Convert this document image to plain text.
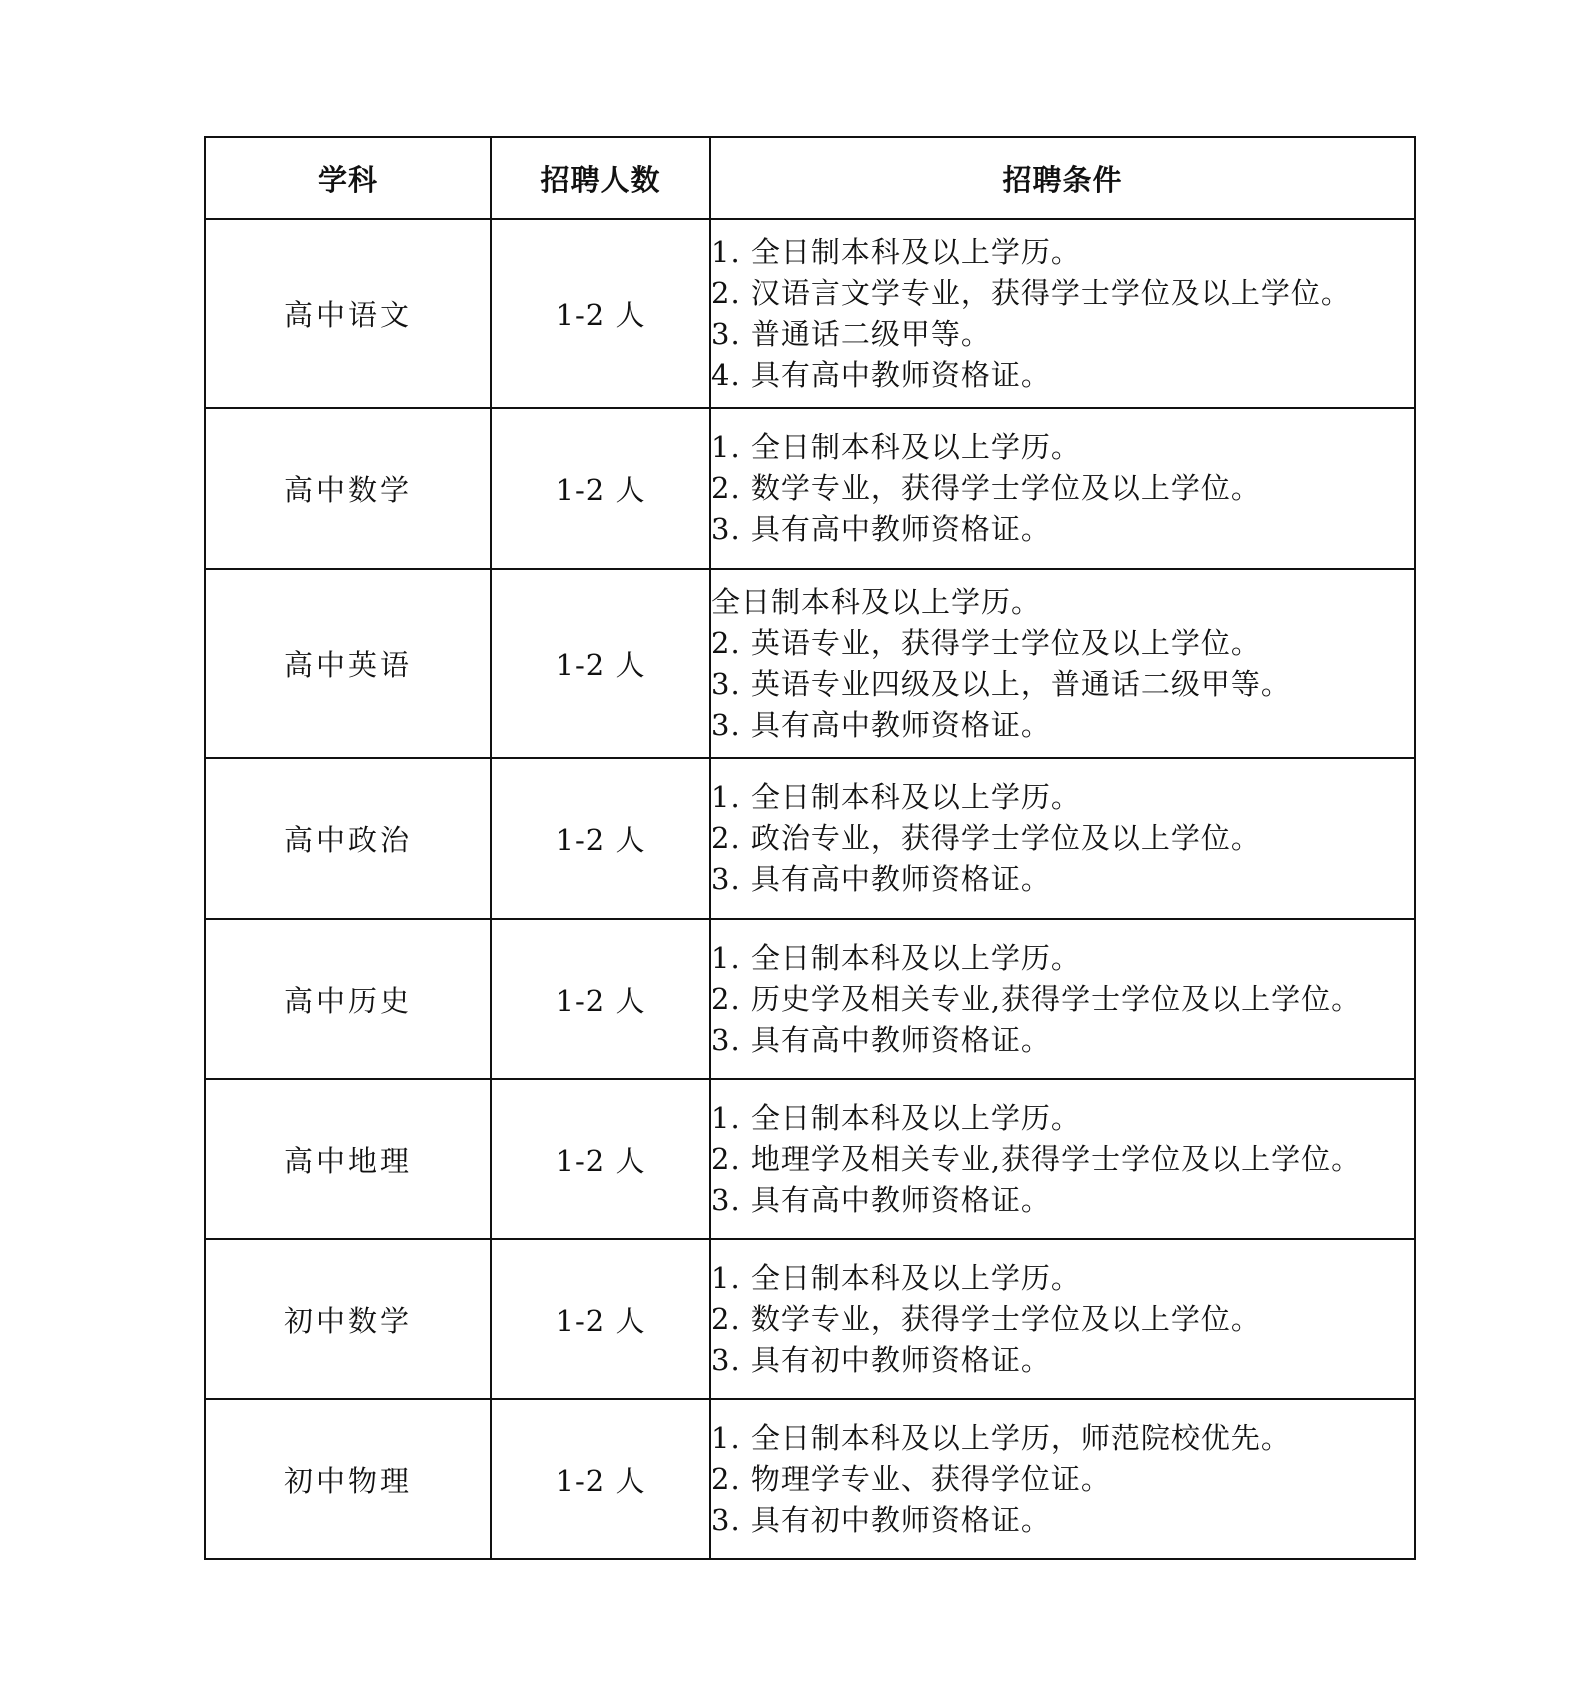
学科	招聘人数	招聘条件
高中语文	1-2 人	1. 全日制本科及以上学历。
2. 汉语言文学专业，获得学士学位及以上学位。
3. 普通话二级甲等。
4. 具有高中教师资格证。

高中数学	1-2 人	1. 全日制本科及以上学历。
2. 数学专业，获得学士学位及以上学位。
3. 具有高中教师资格证。

高中英语	1-2 人	全日制本科及以上学历。
2. 英语专业，获得学士学位及以上学位。
3. 英语专业四级及以上，普通话二级甲等。
3. 具有高中教师资格证。

高中政治	1-2 人	1. 全日制本科及以上学历。
2. 政治专业，获得学士学位及以上学位。
3. 具有高中教师资格证。

高中历史	1-2 人	1. 全日制本科及以上学历。
2. 历史学及相关专业,获得学士学位及以上学位。
3. 具有高中教师资格证。

高中地理	1-2 人	1. 全日制本科及以上学历。
2. 地理学及相关专业,获得学士学位及以上学位。
3. 具有高中教师资格证。

初中数学	1-2 人	1. 全日制本科及以上学历。
2. 数学专业，获得学士学位及以上学位。
3. 具有初中教师资格证。

初中物理	1-2 人	1. 全日制本科及以上学历，师范院校优先。
2. 物理学专业、获得学位证。
3. 具有初中教师资格证。
